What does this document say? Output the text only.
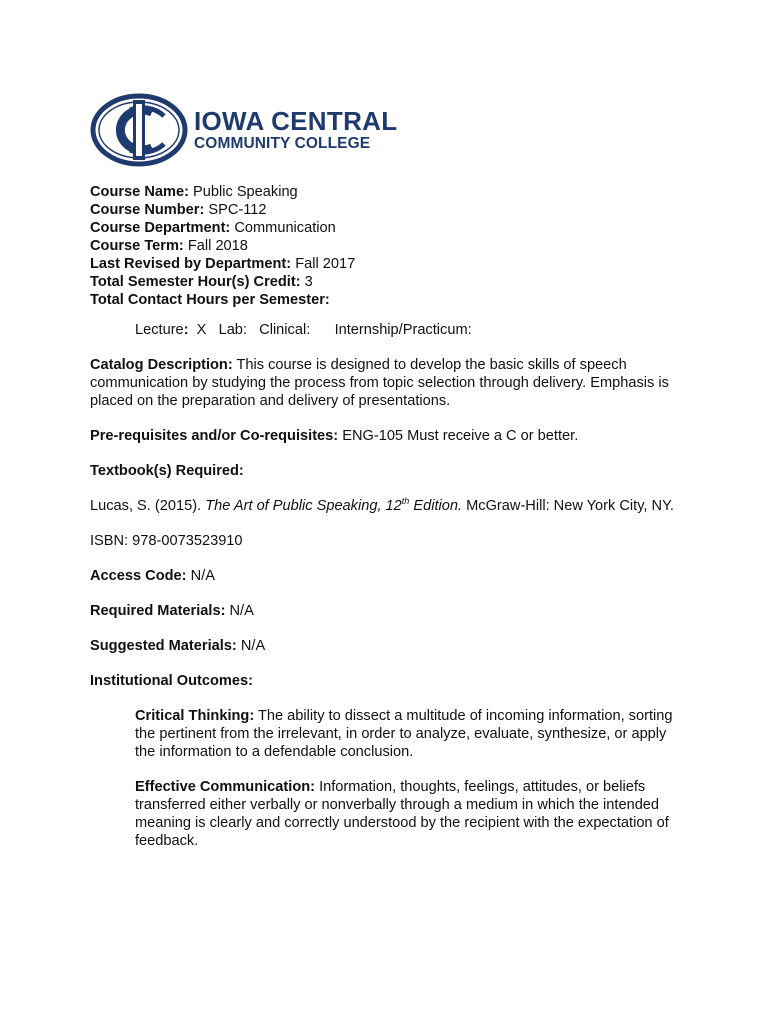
IOWA CENTRAL
COMMUNITY COLLEGE

Course Name: Public Speaking

Course Number: SPC-112

Course Department: Communication

Course Term: Fall 2018

Last Revised by Department: Fall 2017

Total Semester Hour(s) Credit: 3

Total Contact Hours per Semester:

Lecture: X Lab: Clinical: Internship/Practicum:

Catalog Description: This course is designed to develop the basic skills of speech communication by studying the process from topic selection through delivery. Emphasis is placed on the preparation and delivery of presentations.

Pre-requisites and/or Co-requisites: ENG-105 Must receive a C or better.

Textbook(s) Required:

Lucas, S. (2015). The Art of Public Speaking, 12th Edition. McGraw-Hill: New York City, NY.

ISBN: 978-0073523910

Access Code: N/A

Required Materials: N/A

Suggested Materials: N/A

Institutional Outcomes:

Critical Thinking: The ability to dissect a multitude of incoming information, sorting the pertinent from the irrelevant, in order to analyze, evaluate, synthesize, or apply the information to a defendable conclusion.

Effective Communication: Information, thoughts, feelings, attitudes, or beliefs transferred either verbally or nonverbally through a medium in which the intended meaning is clearly and correctly understood by the recipient with the expectation of feedback.
